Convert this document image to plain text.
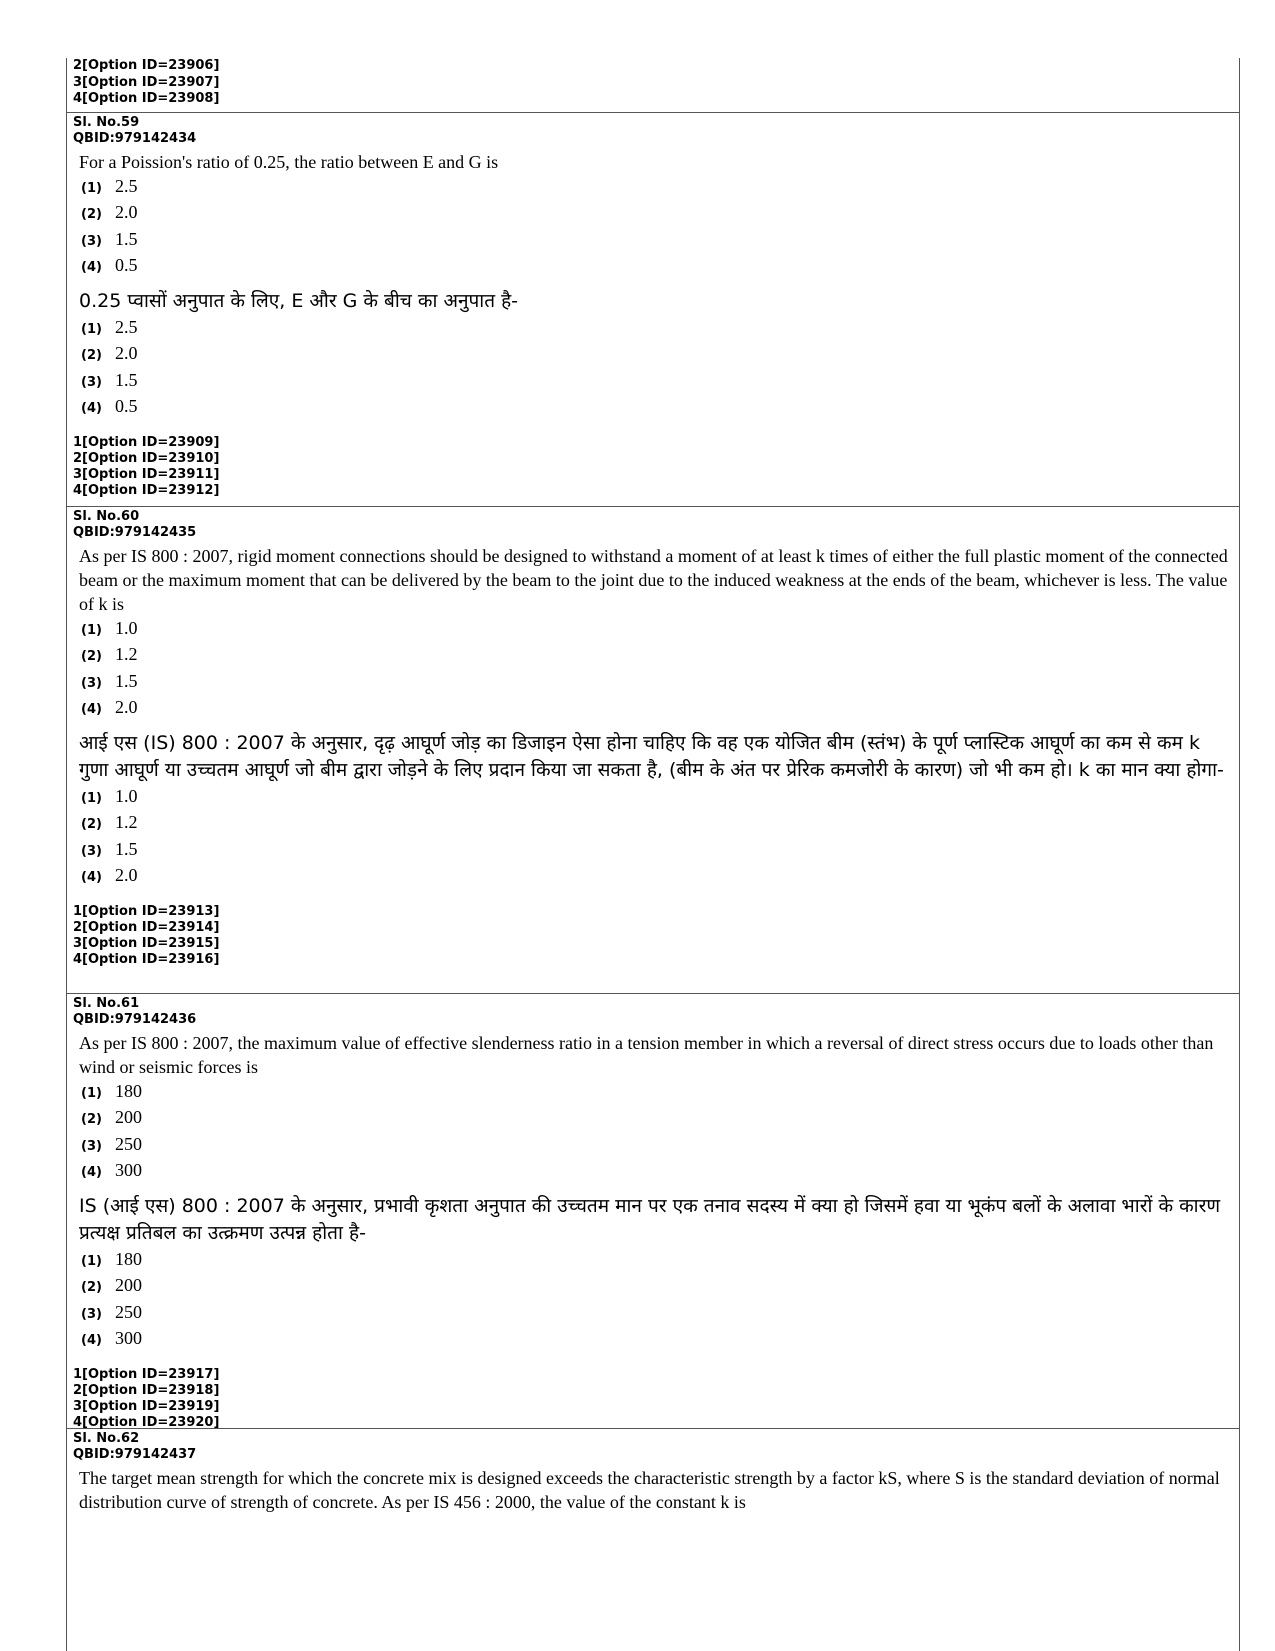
2[Option ID=23906]
3[Option ID=23907]
4[Option ID=23908]
Sl. No.59
QBID:979142434
For a Poission's ratio of 0.25, the ratio between E and G is
(1) 2.5
(2) 2.0
(3) 1.5
(4) 0.5
0.25 प्वासों अनुपात के लिए, E और G के बीच का अनुपात है-
(1) 2.5
(2) 2.0
(3) 1.5
(4) 0.5
1[Option ID=23909]
2[Option ID=23910]
3[Option ID=23911]
4[Option ID=23912]
Sl. No.60
QBID:979142435
As per IS 800 : 2007, rigid moment connections should be designed to withstand a moment of at least k times of either the full plastic moment of the connected beam or the maximum moment that can be delivered by the beam to the joint due to the induced weakness at the ends of the beam, whichever is less. The value of k is
(1) 1.0
(2) 1.2
(3) 1.5
(4) 2.0
आई एस (IS) 800 : 2007 के अनुसार, दृढ़ आघूर्ण जोड़ का डिजाइन ऐसा होना चाहिए कि वह एक योजित बीम (स्तंभ) के पूर्ण प्लास्टिक आघूर्ण का कम से कम k गुणा आघूर्ण या उच्चतम आघूर्ण जो बीम द्वारा जोड़ने के लिए प्रदान किया जा सकता है, (बीम के अंत पर प्रेरिक कमजोरी के कारण) जो भी कम हो। k का मान क्या होगा-
(1) 1.0
(2) 1.2
(3) 1.5
(4) 2.0
1[Option ID=23913]
2[Option ID=23914]
3[Option ID=23915]
4[Option ID=23916]
Sl. No.61
QBID:979142436
As per IS 800 : 2007, the maximum value of effective slenderness ratio in a tension member in which a reversal of direct stress occurs due to loads other than wind or seismic forces is
(1) 180
(2) 200
(3) 250
(4) 300
IS (आई एस) 800 : 2007 के अनुसार, प्रभावी कृशता अनुपात की उच्चतम मान पर एक तनाव सदस्य में क्या हो जिसमें हवा या भूकंप बलों के अलावा भारों के कारण प्रत्यक्ष प्रतिबल का उत्क्रमण उत्पन्न होता है-
(1) 180
(2) 200
(3) 250
(4) 300
1[Option ID=23917]
2[Option ID=23918]
3[Option ID=23919]
4[Option ID=23920]
Sl. No.62
QBID:979142437
The target mean strength for which the concrete mix is designed exceeds the characteristic strength by a factor kS, where S is the standard deviation of normal distribution curve of strength of concrete. As per IS 456 : 2000, the value of the constant k is
